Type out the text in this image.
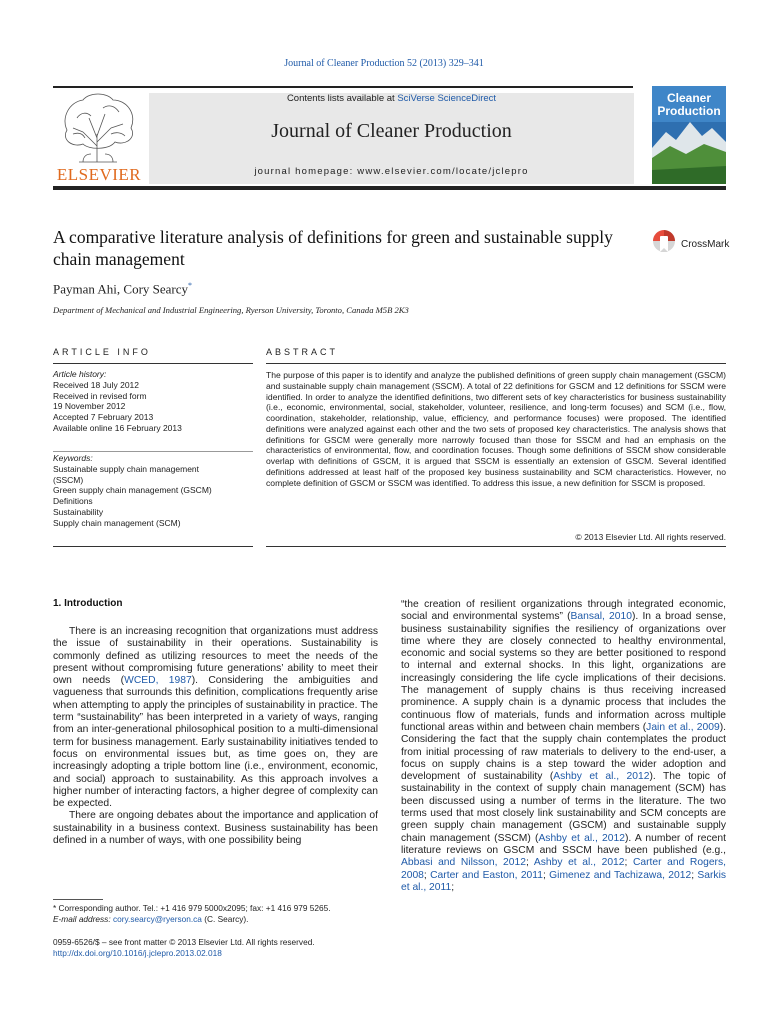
Journal of Cleaner Production 52 (2013) 329–341
ELSEVIER
Contents lists available at SciVerse ScienceDirect
Journal of Cleaner Production
journal homepage: www.elsevier.com/locate/jclepro
Cleaner Production
A comparative literature analysis of definitions for green and sustainable supply chain management
CrossMark
Payman Ahi, Cory Searcy*
Department of Mechanical and Industrial Engineering, Ryerson University, Toronto, Canada M5B 2K3
ARTICLE INFO	ABSTRACT
Article history:
Received 18 July 2012
Received in revised form
19 November 2012
Accepted 7 February 2013
Available online 16 February 2013
Keywords:
Sustainable supply chain management
(SSCM)
Green supply chain management (GSCM)
Definitions
Sustainability
Supply chain management (SCM)
The purpose of this paper is to identify and analyze the published definitions of green supply chain management (GSCM) and sustainable supply chain management (SSCM). A total of 22 definitions for GSCM and 12 definitions for SSCM were identified. In order to analyze the identified definitions, two different sets of key characteristics for business sustainability (i.e., economic, environmental, social, stakeholder, volunteer, resilience, and long-term focuses) and SCM (i.e., flow, coordination, stakeholder, relationship, value, efficiency, and performance focuses) were proposed. The identified definitions were analyzed against each other and the two sets of proposed key characteristics. The analysis shows that definitions for GSCM were generally more narrowly focused than those for SSCM and had an emphasis on the characteristics of environmental, flow, and coordination focuses. Though some definitions of SSCM show considerable overlap with definitions of GSCM, it is argued that SSCM is essentially an extension of GSCM. Several identified definitions addressed at least half of the proposed key business sustainability and SCM characteristics. However, no complete definition of GSCM or SSCM was identified. To address this issue, a new definition for SSCM is proposed.
© 2013 Elsevier Ltd. All rights reserved.
1. Introduction

There is an increasing recognition that organizations must address the issue of sustainability in their operations. Sustainability is commonly defined as utilizing resources to meet the needs of the present without compromising future generations’ ability to meet their own needs (WCED, 1987). Considering the ambiguities and vagueness that surrounds this definition, complications frequently arise when attempting to apply the principles of sustainability in practice. The term “sustainability” has been interpreted in a variety of ways, ranging from an inter-generational philosophical position to a multi-dimensional term for business management. Early sustainability initiatives tended to focus on environmental issues but, as time goes on, they are increasingly adopting a triple bottom line (i.e., environment, economic, and social) approach to sustainability. As this approach involves a higher number of interacting factors, a higher degree of complexity can be expected.

There are ongoing debates about the importance and application of sustainability in a business context. Business sustainability has been defined in a number of ways, with one possibility being

“the creation of resilient organizations through integrated economic, social and environmental systems” (Bansal, 2010). In a broad sense, business sustainability signifies the resiliency of organizations over time where they are closely connected to healthy environmental, economic and social systems so they are better positioned to respond to internal and external shocks. In this light, organizations are increasingly considering the life cycle implications of their decisions. The management of supply chains is thus receiving increased prominence. A supply chain is a dynamic process that includes the continuous flow of materials, funds and information across multiple functional areas within and between chain members (Jain et al., 2009). Considering the fact that the supply chain contemplates the product from initial processing of raw materials to delivery to the end-user, a focus on supply chains is a step toward the wider adoption and development of sustainability (Ashby et al., 2012). The topic of sustainability in the context of supply chain management (SCM) has been discussed using a number of terms in the literature. The two terms used that most closely link sustainability and SCM concepts are green supply chain management (GSCM) and sustainable supply chain management (SSCM) (Ashby et al., 2012). A number of recent literature reviews on GSCM and SSCM have been published (e.g., Abbasi and Nilsson, 2012; Ashby et al., 2012; Carter and Rogers, 2008; Carter and Easton, 2011; Gimenez and Tachizawa, 2012; Sarkis et al., 2011;

* Corresponding author. Tel.: +1 416 979 5000x2095; fax: +1 416 979 5265.
E-mail address: cory.searcy@ryerson.ca (C. Searcy).
0959-6526/$ – see front matter © 2013 Elsevier Ltd. All rights reserved.
http://dx.doi.org/10.1016/j.jclepro.2013.02.018
